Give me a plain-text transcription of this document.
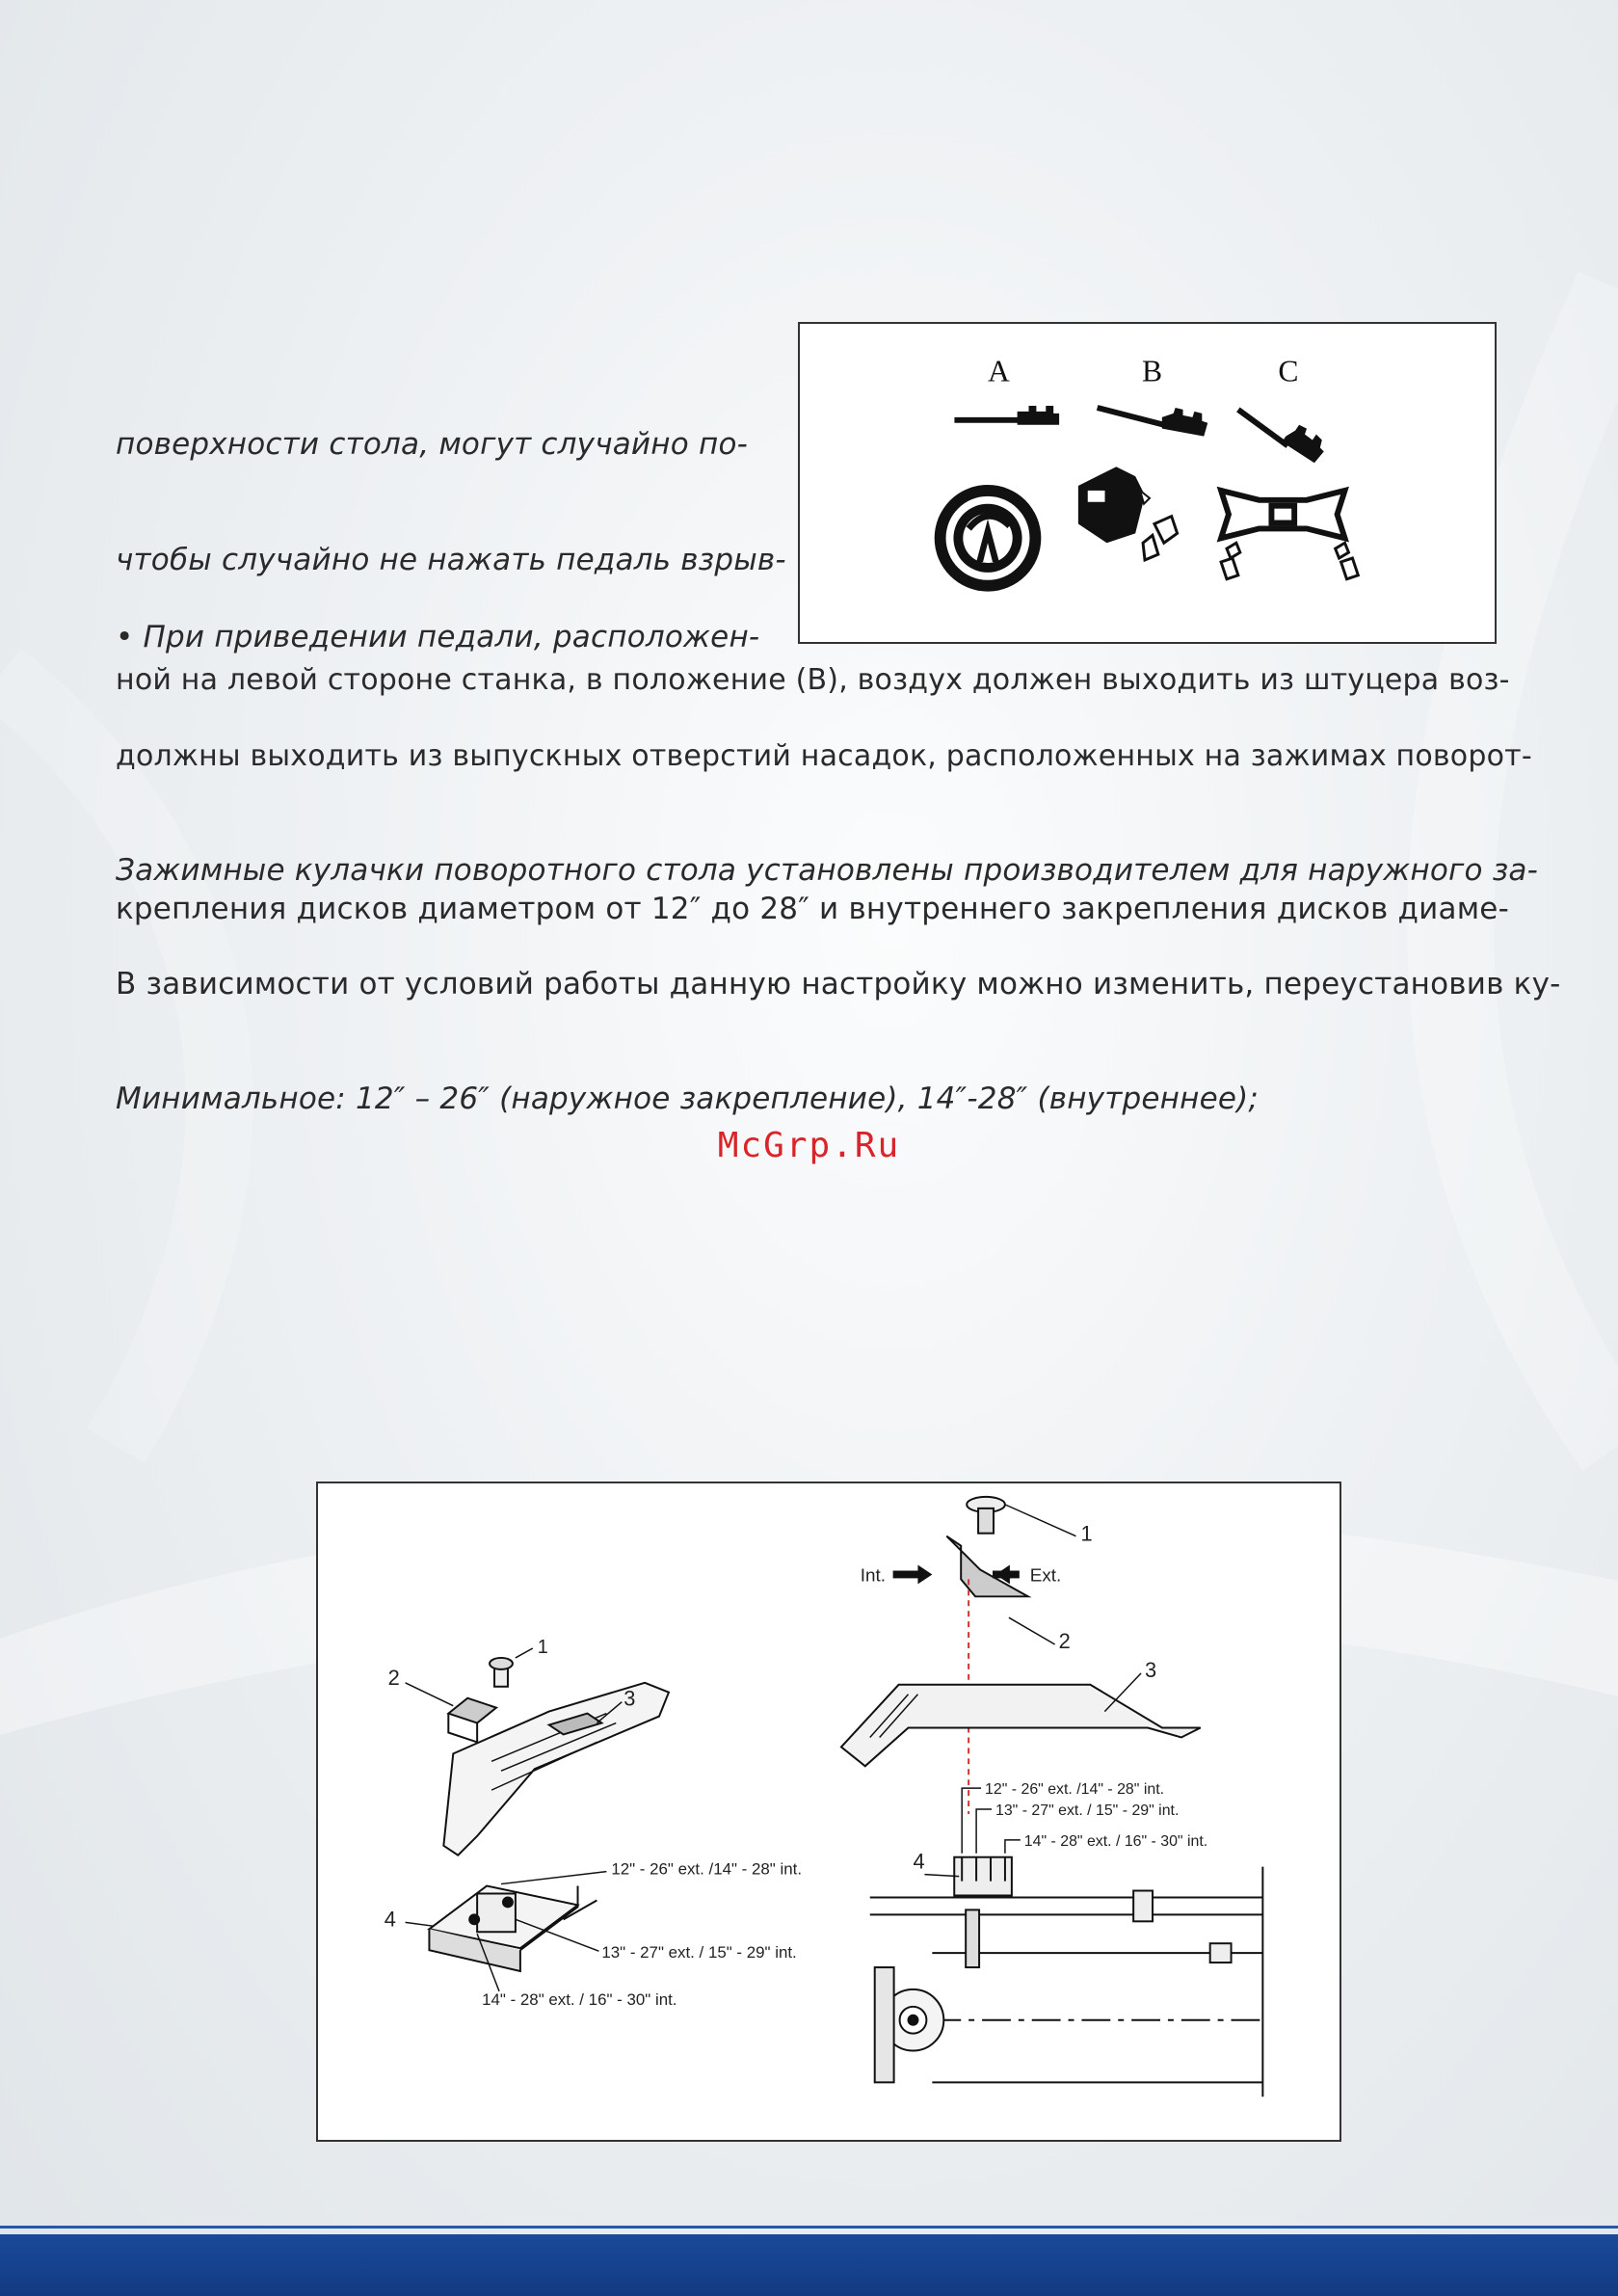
поверхности стола, могут случайно по-
чтобы случайно не нажать педаль взрыв-
• При приведении педали, расположен-
ной на левой стороне станка, в положение (B), воздух должен выходить из штуцера воз-
должны выходить из выпускных отверстий насадок, расположенных на зажимах поворот-
Зажимные кулачки поворотного стола установлены производителем для наружного за-
крепления дисков диаметром от 12″ до 28″ и внутреннего закрепления дисков диаме-
В зависимости от условий работы данную настройку можно изменить, переустановив ку-
Минимальное: 12″ – 26″ (наружное закрепление), 14″-28″ (внутреннее);
McGrp.Ru
A	B	C
1
2
3
4
12" - 26" ext. /14" - 28" int.
13" - 27" ext. / 15" - 29" int.
14" - 28" ext. / 16" - 30" int.
Int.	Ext.
1
2
3
4
12" - 26" ext. /14" - 28" int.
13" - 27" ext. / 15" - 29" int.
14" - 28" ext. / 16" - 30" int.
